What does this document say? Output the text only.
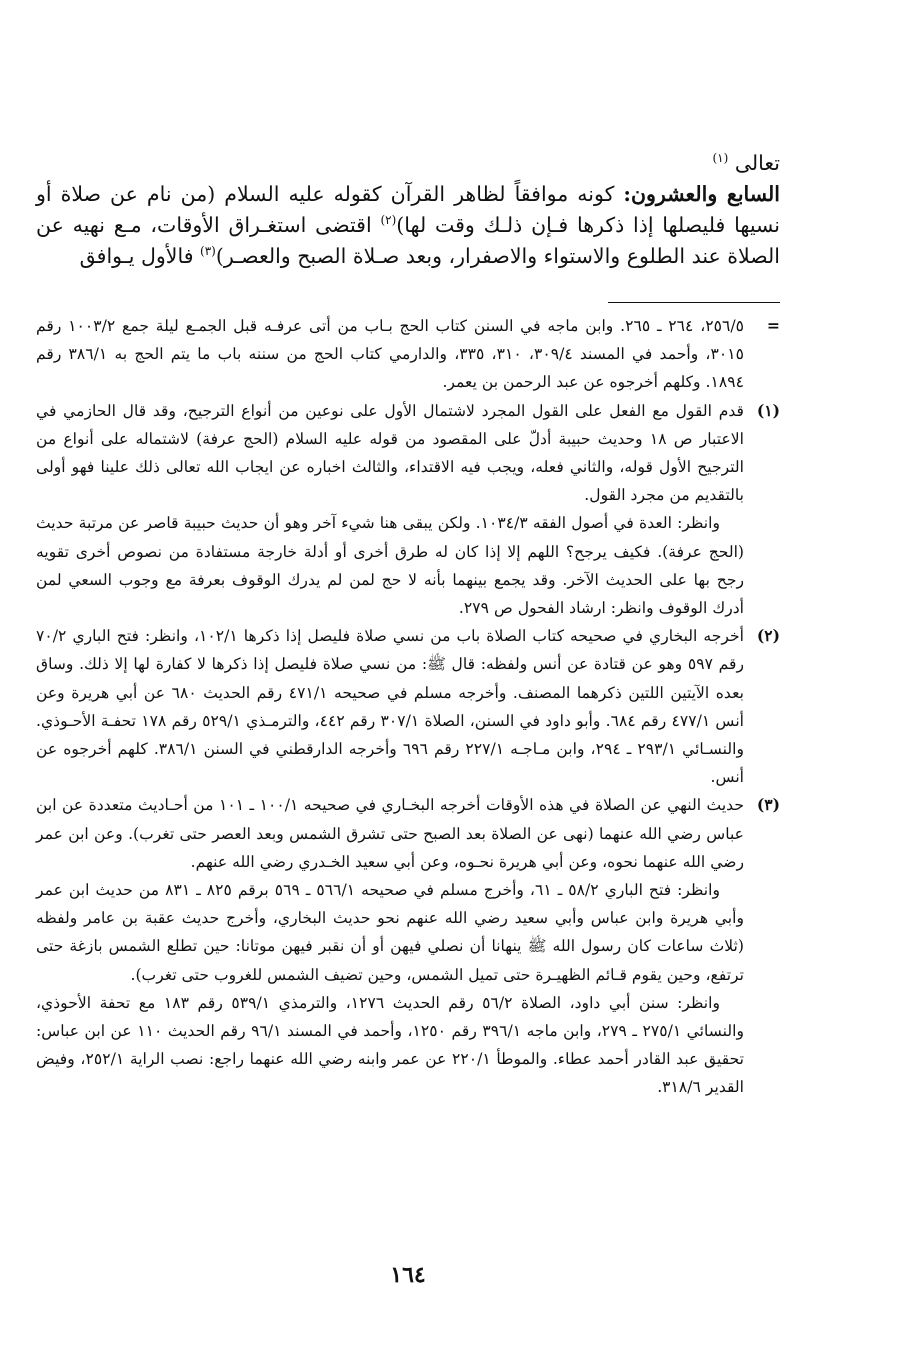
تعالى $^{(١)}$

السابع والعشرون: كونه موافقاً لظاهر القرآن كقوله عليه السلام (من نام عن صلاة أو نسيها فليصلها إذا ذكرها فـإن ذلـك وقت لها)$^{(٢)}$ اقتضى استغـراق الأوقات، مـع نهيه عن الصلاة عند الطلوع والاستواء والاصفرار، وبعد صـلاة الصبح والعصـر)$^{(٣)}$ فالأول يـوافق

=

٢٥٦/٥، ٢٦٤ ـ ٢٦٥. وابن ماجه في السنن كتاب الحج بـاب من أتى عرفـه قبل الجمـع ليلة جمع ١٠٠٣/٢ رقم ٣٠١٥، وأحمد في المسند ٣٠٩/٤، ٣١٠، ٣٣٥، والدارمي كتاب الحج من سننه باب ما يتم الحج به ٣٨٦/١ رقم ١٨٩٤. وكلهم أخرجوه عن عبد الرحمن بن يعمر.

(١)

قدم القول مع الفعل على القول المجرد لاشتمال الأول على نوعين من أنواع الترجيح، وقد قال الحازمي في الاعتبار ص ١٨ وحديث حبيبة أدلّ على المقصود من قوله عليه السلام (الحج عرفة) لاشتماله على أنواع من الترجيح الأول قوله، والثاني فعله، ويجب فيه الاقتداء، والثالث اخباره عن ايجاب الله تعالى ذلك علينا فهو أولى بالتقديم من مجرد القول.

وانظر: العدة في أصول الفقه ١٠٣٤/٣. ولكن يبقى هنا شيء آخر وهو أن حديث حبيبة قاصر عن مرتبة حديث (الحج عرفة). فكيف يرجح؟ اللهم إلا إذا كان له طرق أخرى أو أدلة خارجة مستفادة من نصوص أخرى تقويه رجح بها على الحديث الآخر. وقد يجمع بينهما بأنه لا حج لمن لم يدرك الوقوف بعرفة مع وجوب السعي لمن أدرك الوقوف وانظر: ارشاد الفحول ص ٢٧٩.

(٢)

أخرجه البخاري في صحيحه كتاب الصلاة باب من نسي صلاة فليصل إذا ذكرها ١٠٢/١، وانظر: فتح الباري ٧٠/٢ رقم ٥٩٧ وهو عن قتادة عن أنس ولفظه: قال ﷺ: من نسي صلاة فليصل إذا ذكرها لا كفارة لها إلا ذلك. وساق بعده الآيتين اللتين ذكرهما المصنف. وأخرجه مسلم في صحيحه ٤٧١/١ رقم الحديث ٦٨٠ عن أبي هريرة وعن أنس ٤٧٧/١ رقم ٦٨٤. وأبو داود في السنن، الصلاة ٣٠٧/١ رقم ٤٤٢، والترمـذي ٥٢٩/١ رقم ١٧٨ تحفـة الأحـوذي. والنسـائي ٢٩٣/١ ـ ٢٩٤، وابن مـاجـه ٢٢٧/١ رقم ٦٩٦ وأخرجه الدارقطني في السنن ٣٨٦/١. كلهم أخرجوه عن أنس.

(٣)

حديث النهي عن الصلاة في هذه الأوقات أخرجه البخـاري في صحيحه ١٠٠/١ ـ ١٠١ من أحـاديث متعددة عن ابن عباس رضي الله عنهما (نهى عن الصلاة بعد الصبح حتى تشرق الشمس وبعد العصر حتى تغرب). وعن ابن عمر رضي الله عنهما نحوه، وعن أبي هريرة نحـوه، وعن أبي سعيد الخـدري رضي الله عنهم.

وانظر: فتح الباري ٥٨/٢ ـ ٦١، وأخرج مسلم في صحيحه ٥٦٦/١ ـ ٥٦٩ برقم ٨٢٥ ـ ٨٣١ من حديث ابن عمر وأبي هريرة وابن عباس وأبي سعيد رضي الله عنهم نحو حديث البخاري، وأخرج حديث عقبة بن عامر ولفظه (ثلاث ساعات كان رسول الله ﷺ ينهانا أن نصلي فيهن أو أن نقبر فيهن موتانا: حين تطلع الشمس بازغة حتى ترتفع، وحين يقوم قـائم الظهيـرة حتى تميل الشمس، وحين تضيف الشمس للغروب حتى تغرب).

وانظر: سنن أبي داود، الصلاة ٥٦/٢ رقم الحديث ١٢٧٦، والترمذي ٥٣٩/١ رقم ١٨٣ مع تحفة الأحوذي، والنسائي ٢٧٥/١ ـ ٢٧٩، وابن ماجه ٣٩٦/١ رقم ١٢٥٠، وأحمد في المسند ٩٦/١ رقم الحديث ١١٠ عن ابن عباس: تحقيق عبد القادر أحمد عطاء. والموطأ ٢٢٠/١ عن عمر وابنه رضي الله عنهما راجع: نصب الراية ٢٥٢/١، وفيض القدير ٣١٨/٦.

١٦٤
